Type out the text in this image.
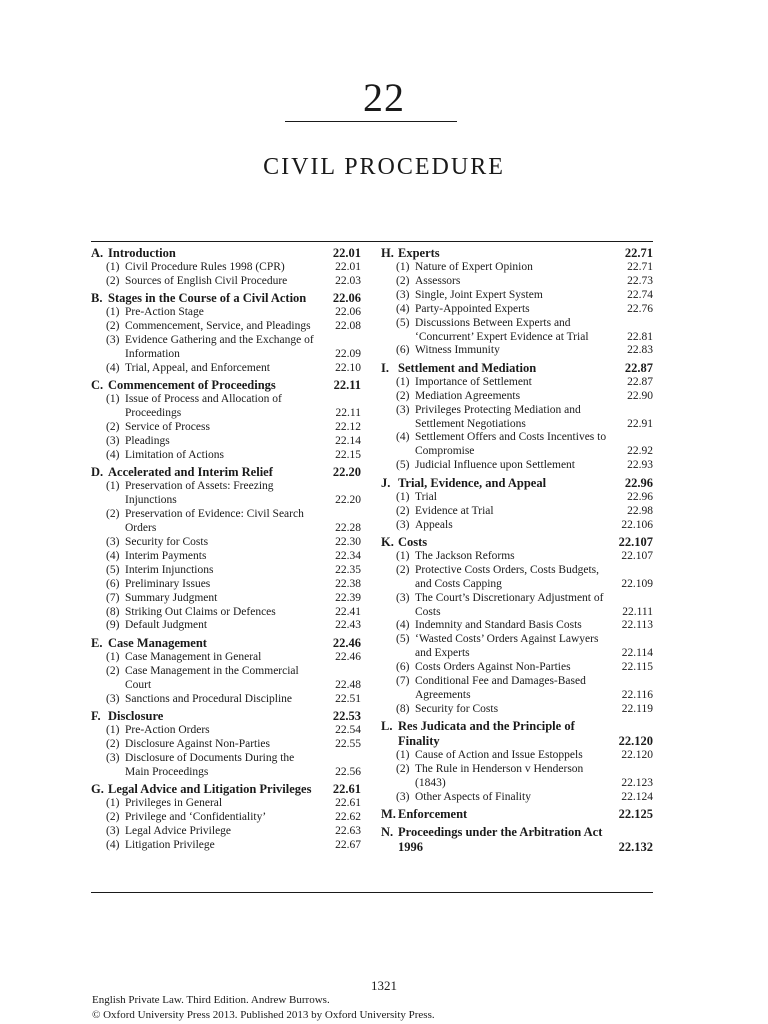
22
CIVIL PROCEDURE
A. Introduction	22.01
(1) Civil Procedure Rules 1998 (CPR)	22.01
(2) Sources of English Civil Procedure	22.03
B. Stages in the Course of a Civil Action	22.06
(1) Pre-Action Stage	22.06
(2) Commencement, Service, and Pleadings	22.08
(3) Evidence Gathering and the Exchange of Information	22.09
(4) Trial, Appeal, and Enforcement	22.10
C. Commencement of Proceedings	22.11
(1) Issue of Process and Allocation of Proceedings	22.11
(2) Service of Process	22.12
(3) Pleadings	22.14
(4) Limitation of Actions	22.15
D. Accelerated and Interim Relief	22.20
(1) Preservation of Assets: Freezing Injunctions	22.20
(2) Preservation of Evidence: Civil Search Orders	22.28
(3) Security for Costs	22.30
(4) Interim Payments	22.34
(5) Interim Injunctions	22.35
(6) Preliminary Issues	22.38
(7) Summary Judgment	22.39
(8) Striking Out Claims or Defences	22.41
(9) Default Judgment	22.43
E. Case Management	22.46
(1) Case Management in General	22.46
(2) Case Management in the Commercial Court	22.48
(3) Sanctions and Procedural Discipline	22.51
F. Disclosure	22.53
(1) Pre-Action Orders	22.54
(2) Disclosure Against Non-Parties	22.55
(3) Disclosure of Documents During the Main Proceedings	22.56
G. Legal Advice and Litigation Privileges	22.61
(1) Privileges in General	22.61
(2) Privilege and ‘Confidentiality’	22.62
(3) Legal Advice Privilege	22.63
(4) Litigation Privilege	22.67
H. Experts	22.71
(1) Nature of Expert Opinion	22.71
(2) Assessors	22.73
(3) Single, Joint Expert System	22.74
(4) Party-Appointed Experts	22.76
(5) Discussions Between Experts and ‘Concurrent’ Expert Evidence at Trial	22.81
(6) Witness Immunity	22.83
I. Settlement and Mediation	22.87
(1) Importance of Settlement	22.87
(2) Mediation Agreements	22.90
(3) Privileges Protecting Mediation and Settlement Negotiations	22.91
(4) Settlement Offers and Costs Incentives to Compromise	22.92
(5) Judicial Influence upon Settlement	22.93
J. Trial, Evidence, and Appeal	22.96
(1) Trial	22.96
(2) Evidence at Trial	22.98
(3) Appeals	22.106
K. Costs	22.107
(1) The Jackson Reforms	22.107
(2) Protective Costs Orders, Costs Budgets, and Costs Capping	22.109
(3) The Court’s Discretionary Adjustment of Costs	22.111
(4) Indemnity and Standard Basis Costs	22.113
(5) ‘Wasted Costs’ Orders Against Lawyers and Experts	22.114
(6) Costs Orders Against Non-Parties	22.115
(7) Conditional Fee and Damages-Based Agreements	22.116
(8) Security for Costs	22.119
L. Res Judicata and the Principle of Finality	22.120
(1) Cause of Action and Issue Estoppels	22.120
(2) The Rule in Henderson v Henderson (1843)	22.123
(3) Other Aspects of Finality	22.124
M. Enforcement	22.125
N. Proceedings under the Arbitration Act 1996	22.132
1321
English Private Law. Third Edition. Andrew Burrows.
© Oxford University Press 2013. Published 2013 by Oxford University Press.
